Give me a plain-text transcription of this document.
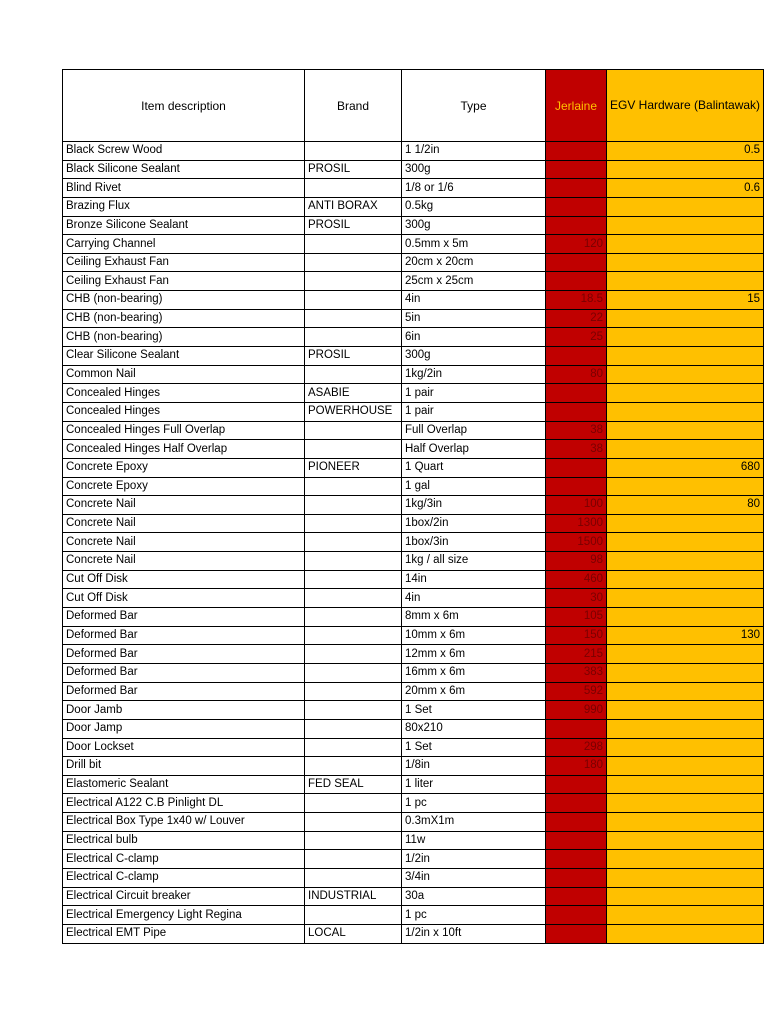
Item description	Brand	Type	Jerlaine	EGV Hardware (Balintawak)
Black Screw Wood		1 1/2in		0.5
Black Silicone Sealant	PROSIL	300g		
Blind Rivet		1/8 or 1/6		0.6
Brazing Flux	ANTI BORAX	0.5kg		
Bronze Silicone Sealant	PROSIL	300g		
Carrying Channel		0.5mm x 5m	120	
Ceiling Exhaust Fan		20cm x 20cm		
Ceiling Exhaust Fan		25cm x 25cm		
CHB (non-bearing)		4in	18.5	15
CHB (non-bearing)		5in	22	
CHB (non-bearing)		6in	25	
Clear Silicone Sealant	PROSIL	300g		
Common Nail		1kg/2in	80	
Concealed Hinges	ASABIE	1 pair		
Concealed Hinges	POWERHOUSE	1 pair		
Concealed Hinges Full Overlap		Full Overlap	38	
Concealed Hinges Half Overlap		Half Overlap	38	
Concrete Epoxy	PIONEER	1 Quart		680
Concrete Epoxy		1 gal		
Concrete Nail		1kg/3in	100	80
Concrete Nail		1box/2in	1300	
Concrete Nail		1box/3in	1500	
Concrete Nail		1kg / all size	98	
Cut Off Disk		14in	460	
Cut Off Disk		4in	30	
Deformed Bar		8mm x 6m	105	
Deformed Bar		10mm x 6m	150	130
Deformed Bar		12mm x 6m	215	
Deformed Bar		16mm x 6m	383	
Deformed Bar		20mm x 6m	592	
Door Jamb		1 Set	990	
Door Jamp		80x210		
Door Lockset		1 Set	298	
Drill bit		1/8in	180	
Elastomeric Sealant	FED SEAL	1 liter		
Electrical A122 C.B Pinlight DL		1 pc		
Electrical Box Type 1x40 w/ Louver		0.3mX1m		
Electrical bulb		11w		
Electrical C-clamp		1/2in		
Electrical C-clamp		3/4in		
Electrical Circuit breaker	INDUSTRIAL	30a		
Electrical Emergency Light Regina		1 pc		
Electrical EMT Pipe	LOCAL	1/2in x 10ft		
